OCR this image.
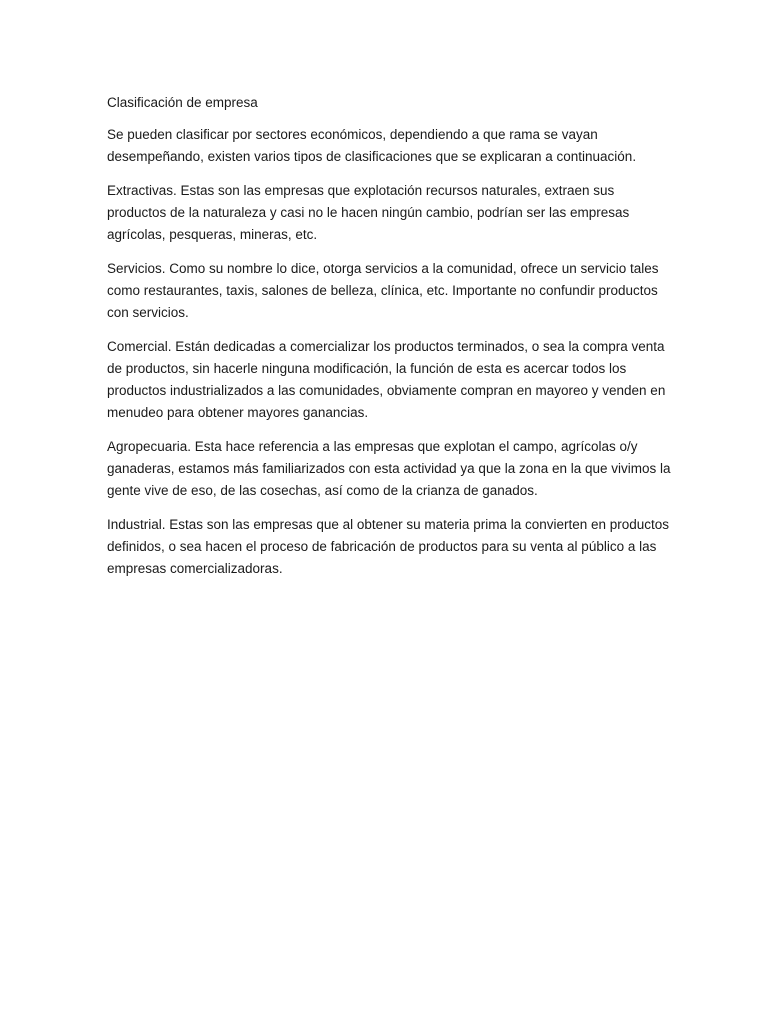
Clasificación de empresa

Se pueden clasificar por sectores económicos, dependiendo a que rama se vayan desempeñando, existen varios tipos de clasificaciones que se explicaran a continuación.

Extractivas. Estas son las empresas que explotación recursos naturales, extraen sus productos de la naturaleza y casi no le hacen ningún cambio, podrían ser las empresas agrícolas, pesqueras, mineras, etc.

Servicios. Como su nombre lo dice, otorga servicios a la comunidad, ofrece un servicio tales como restaurantes, taxis, salones de belleza, clínica, etc. Importante no confundir productos con servicios.

Comercial. Están dedicadas a comercializar los productos terminados, o sea la compra venta de productos, sin hacerle ninguna modificación, la función de esta es acercar todos los productos industrializados a las comunidades, obviamente compran en mayoreo y venden en menudeo para obtener mayores ganancias.

Agropecuaria. Esta hace referencia a las empresas que explotan el campo, agrícolas o/y ganaderas, estamos más familiarizados con esta actividad ya que la zona en la que vivimos la gente vive de eso, de las cosechas, así como de la crianza de ganados.

Industrial. Estas son las empresas que al obtener su materia prima la convierten en productos definidos, o sea hacen el proceso de fabricación de productos para su venta al público a las empresas comercializadoras.
